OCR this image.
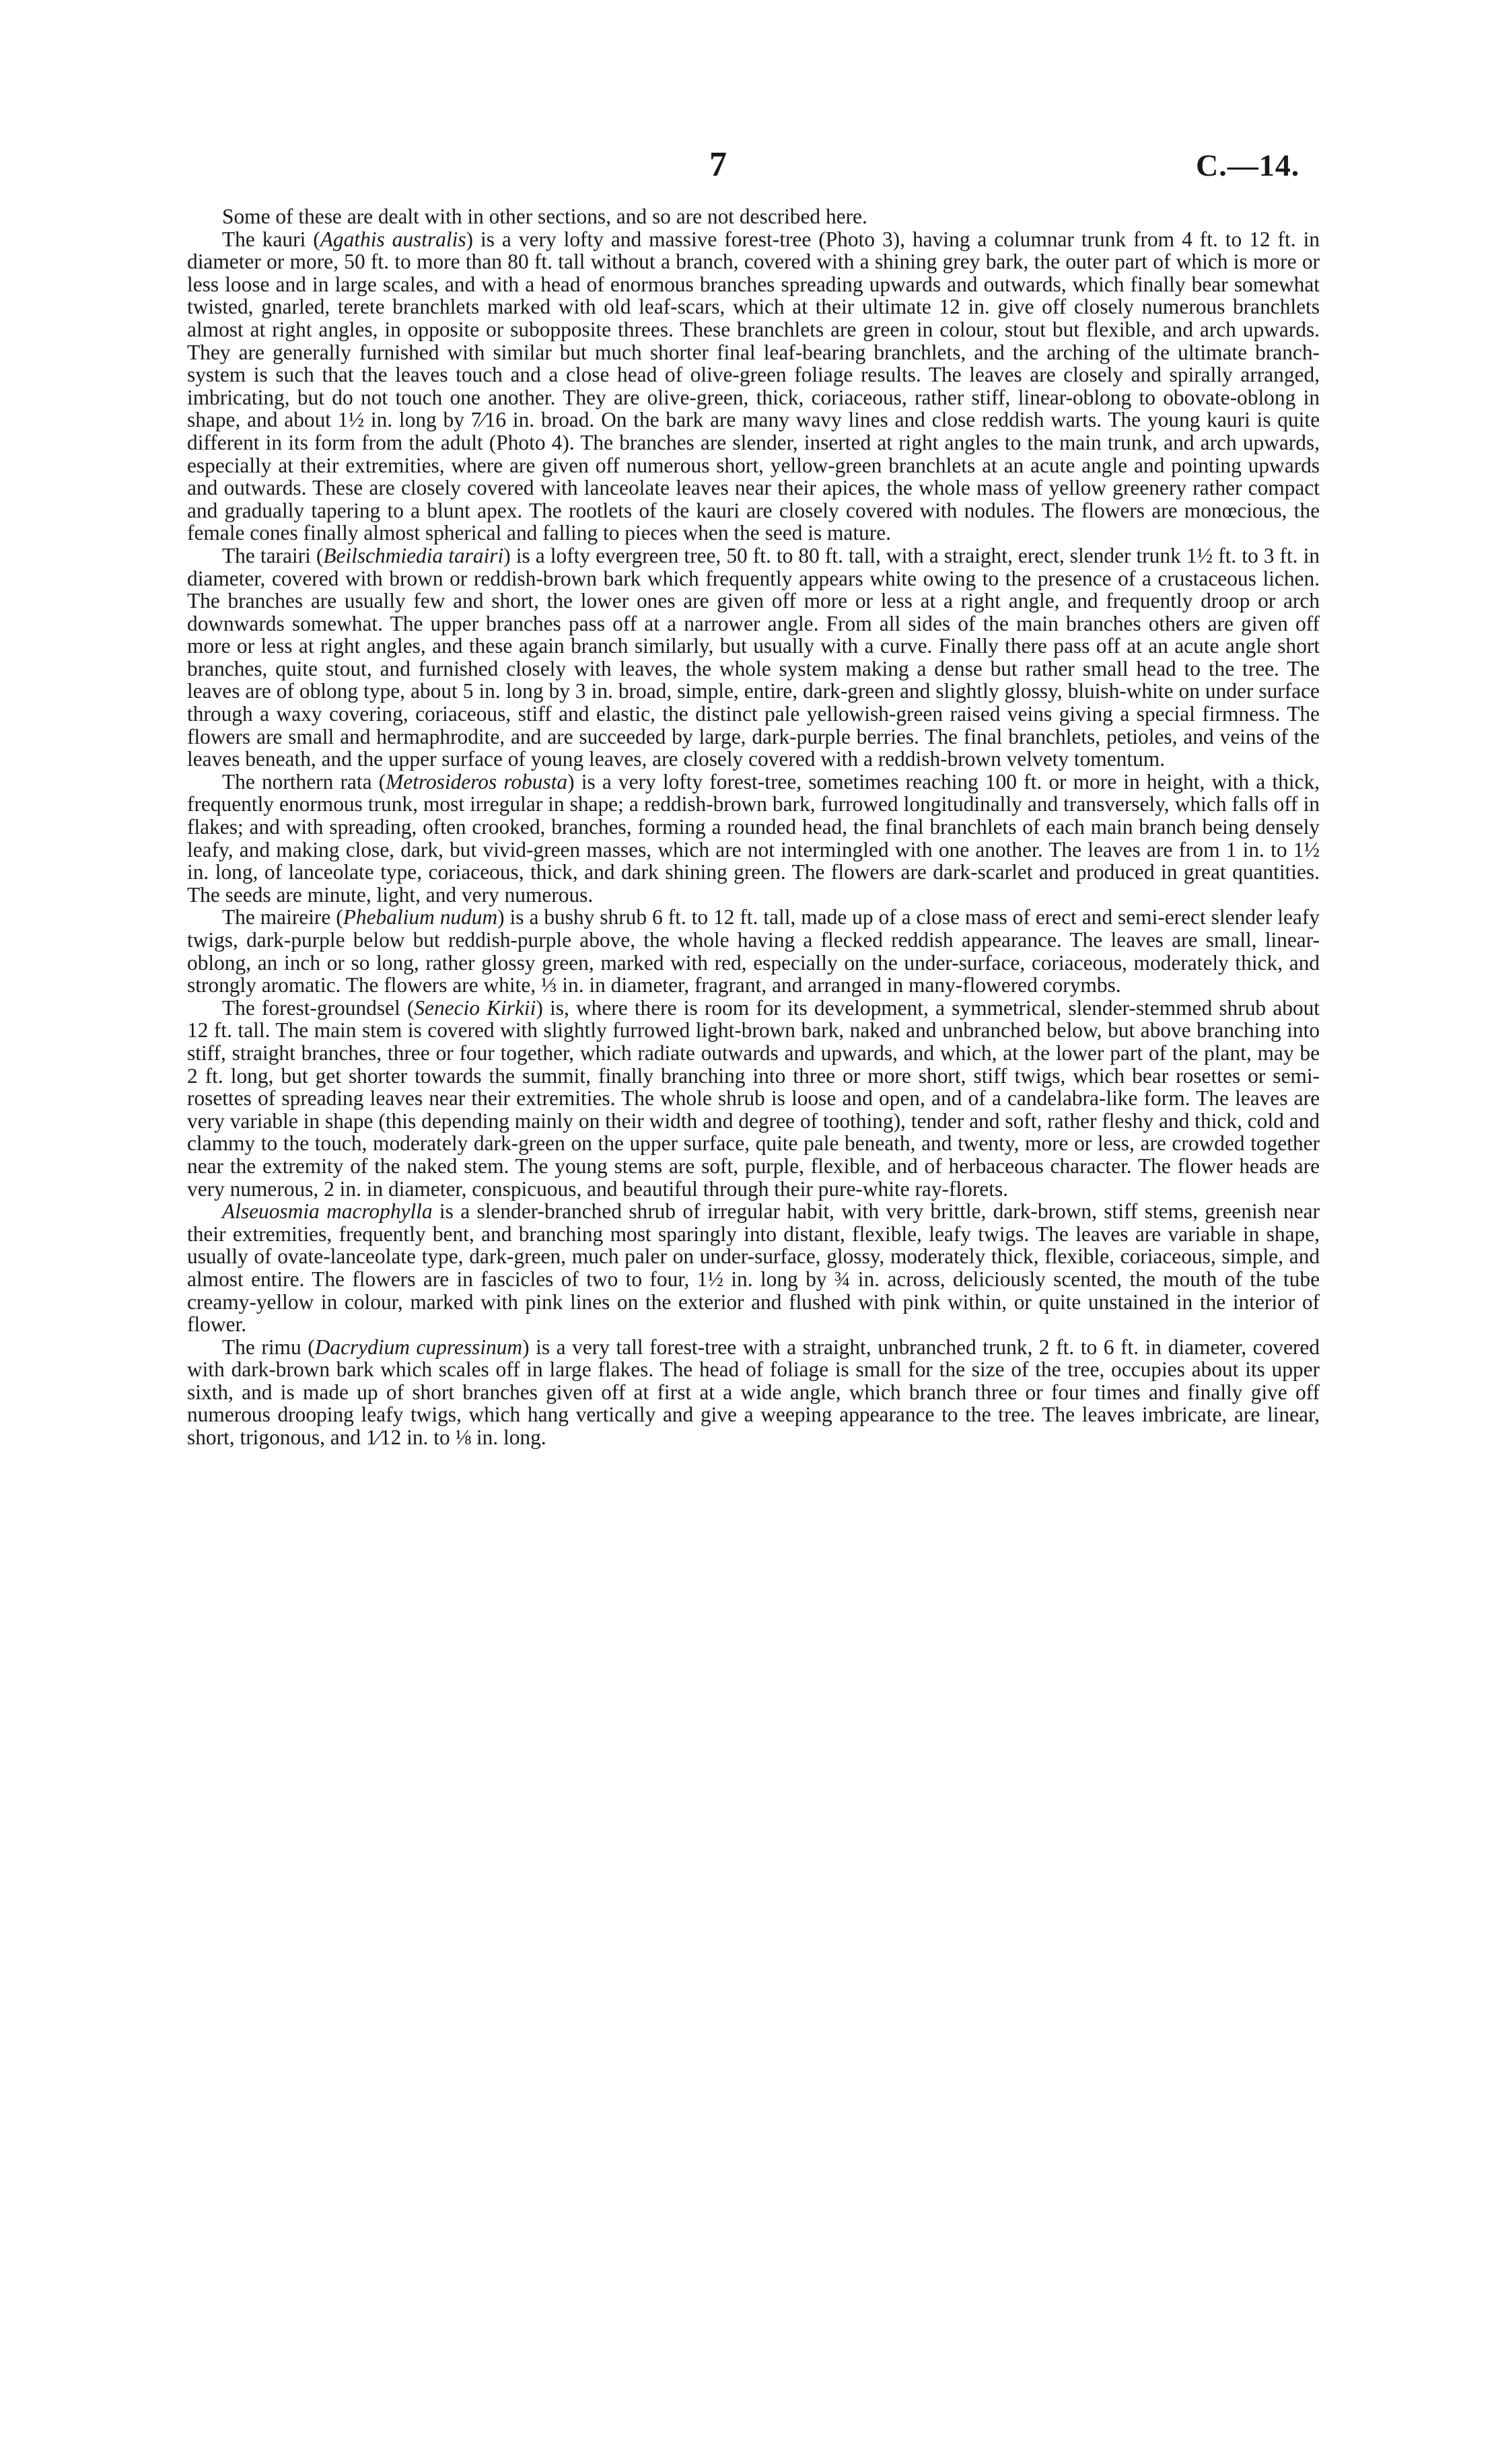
7	C.—14.

Some of these are dealt with in other sections, and so are not described here.

The kauri (Agathis australis) is a very lofty and massive forest-tree (Photo 3), having a columnar trunk from 4 ft. to 12 ft. in diameter or more, 50 ft. to more than 80 ft. tall without a branch, covered with a shining grey bark, the outer part of which is more or less loose and in large scales, and with a head of enormous branches spreading upwards and outwards, which finally bear somewhat twisted, gnarled, terete branchlets marked with old leaf-scars, which at their ultimate 12 in. give off closely numerous branchlets almost at right angles, in opposite or subopposite threes. These branchlets are green in colour, stout but flexible, and arch upwards. They are generally furnished with similar but much shorter final leaf-bearing branchlets, and the arching of the ultimate branch-system is such that the leaves touch and a close head of olive-green foliage results. The leaves are closely and spirally arranged, imbricating, but do not touch one another. They are olive-green, thick, coriaceous, rather stiff, linear-oblong to obovate-oblong in shape, and about 1½ in. long by 7⁄16 in. broad. On the bark are many wavy lines and close reddish warts. The young kauri is quite different in its form from the adult (Photo 4). The branches are slender, inserted at right angles to the main trunk, and arch upwards, especially at their extremities, where are given off numerous short, yellow-green branchlets at an acute angle and pointing upwards and outwards. These are closely covered with lanceolate leaves near their apices, the whole mass of yellow greenery rather compact and gradually tapering to a blunt apex. The rootlets of the kauri are closely covered with nodules. The flowers are monœcious, the female cones finally almost spherical and falling to pieces when the seed is mature.

The tarairi (Beilschmiedia tarairi) is a lofty evergreen tree, 50 ft. to 80 ft. tall, with a straight, erect, slender trunk 1½ ft. to 3 ft. in diameter, covered with brown or reddish-brown bark which frequently appears white owing to the presence of a crustaceous lichen. The branches are usually few and short, the lower ones are given off more or less at a right angle, and frequently droop or arch downwards somewhat. The upper branches pass off at a narrower angle. From all sides of the main branches others are given off more or less at right angles, and these again branch similarly, but usually with a curve. Finally there pass off at an acute angle short branches, quite stout, and furnished closely with leaves, the whole system making a dense but rather small head to the tree. The leaves are of oblong type, about 5 in. long by 3 in. broad, simple, entire, dark-green and slightly glossy, bluish-white on under surface through a waxy covering, coriaceous, stiff and elastic, the distinct pale yellowish-green raised veins giving a special firmness. The flowers are small and hermaphrodite, and are succeeded by large, dark-purple berries. The final branchlets, petioles, and veins of the leaves beneath, and the upper surface of young leaves, are closely covered with a reddish-brown velvety tomentum.

The northern rata (Metrosideros robusta) is a very lofty forest-tree, sometimes reaching 100 ft. or more in height, with a thick, frequently enormous trunk, most irregular in shape; a reddish-brown bark, furrowed longitudinally and transversely, which falls off in flakes; and with spreading, often crooked, branches, forming a rounded head, the final branchlets of each main branch being densely leafy, and making close, dark, but vivid-green masses, which are not intermingled with one another. The leaves are from 1 in. to 1½ in. long, of lanceolate type, coriaceous, thick, and dark shining green. The flowers are dark-scarlet and produced in great quantities. The seeds are minute, light, and very numerous.

The maireire (Phebalium nudum) is a bushy shrub 6 ft. to 12 ft. tall, made up of a close mass of erect and semi-erect slender leafy twigs, dark-purple below but reddish-purple above, the whole having a flecked reddish appearance. The leaves are small, linear-oblong, an inch or so long, rather glossy green, marked with red, especially on the under-surface, coriaceous, moderately thick, and strongly aromatic. The flowers are white, ⅓ in. in diameter, fragrant, and arranged in many-flowered corymbs.

The forest-groundsel (Senecio Kirkii) is, where there is room for its development, a symmetrical, slender-stemmed shrub about 12 ft. tall. The main stem is covered with slightly furrowed light-brown bark, naked and unbranched below, but above branching into stiff, straight branches, three or four together, which radiate outwards and upwards, and which, at the lower part of the plant, may be 2 ft. long, but get shorter towards the summit, finally branching into three or more short, stiff twigs, which bear rosettes or semi-rosettes of spreading leaves near their extremities. The whole shrub is loose and open, and of a candelabra-like form. The leaves are very variable in shape (this depending mainly on their width and degree of toothing), tender and soft, rather fleshy and thick, cold and clammy to the touch, moderately dark-green on the upper surface, quite pale beneath, and twenty, more or less, are crowded together near the extremity of the naked stem. The young stems are soft, purple, flexible, and of herbaceous character. The flower heads are very numerous, 2 in. in diameter, conspicuous, and beautiful through their pure-white ray-florets.

Alseuosmia macrophylla is a slender-branched shrub of irregular habit, with very brittle, dark-brown, stiff stems, greenish near their extremities, frequently bent, and branching most sparingly into distant, flexible, leafy twigs. The leaves are variable in shape, usually of ovate-lanceolate type, dark-green, much paler on under-surface, glossy, moderately thick, flexible, coriaceous, simple, and almost entire. The flowers are in fascicles of two to four, 1½ in. long by ¾ in. across, deliciously scented, the mouth of the tube creamy-yellow in colour, marked with pink lines on the exterior and flushed with pink within, or quite unstained in the interior of flower.

The rimu (Dacrydium cupressinum) is a very tall forest-tree with a straight, unbranched trunk, 2 ft. to 6 ft. in diameter, covered with dark-brown bark which scales off in large flakes. The head of foliage is small for the size of the tree, occupies about its upper sixth, and is made up of short branches given off at first at a wide angle, which branch three or four times and finally give off numerous drooping leafy twigs, which hang vertically and give a weeping appearance to the tree. The leaves imbricate, are linear, short, trigonous, and 1⁄12 in. to ⅛ in. long.
